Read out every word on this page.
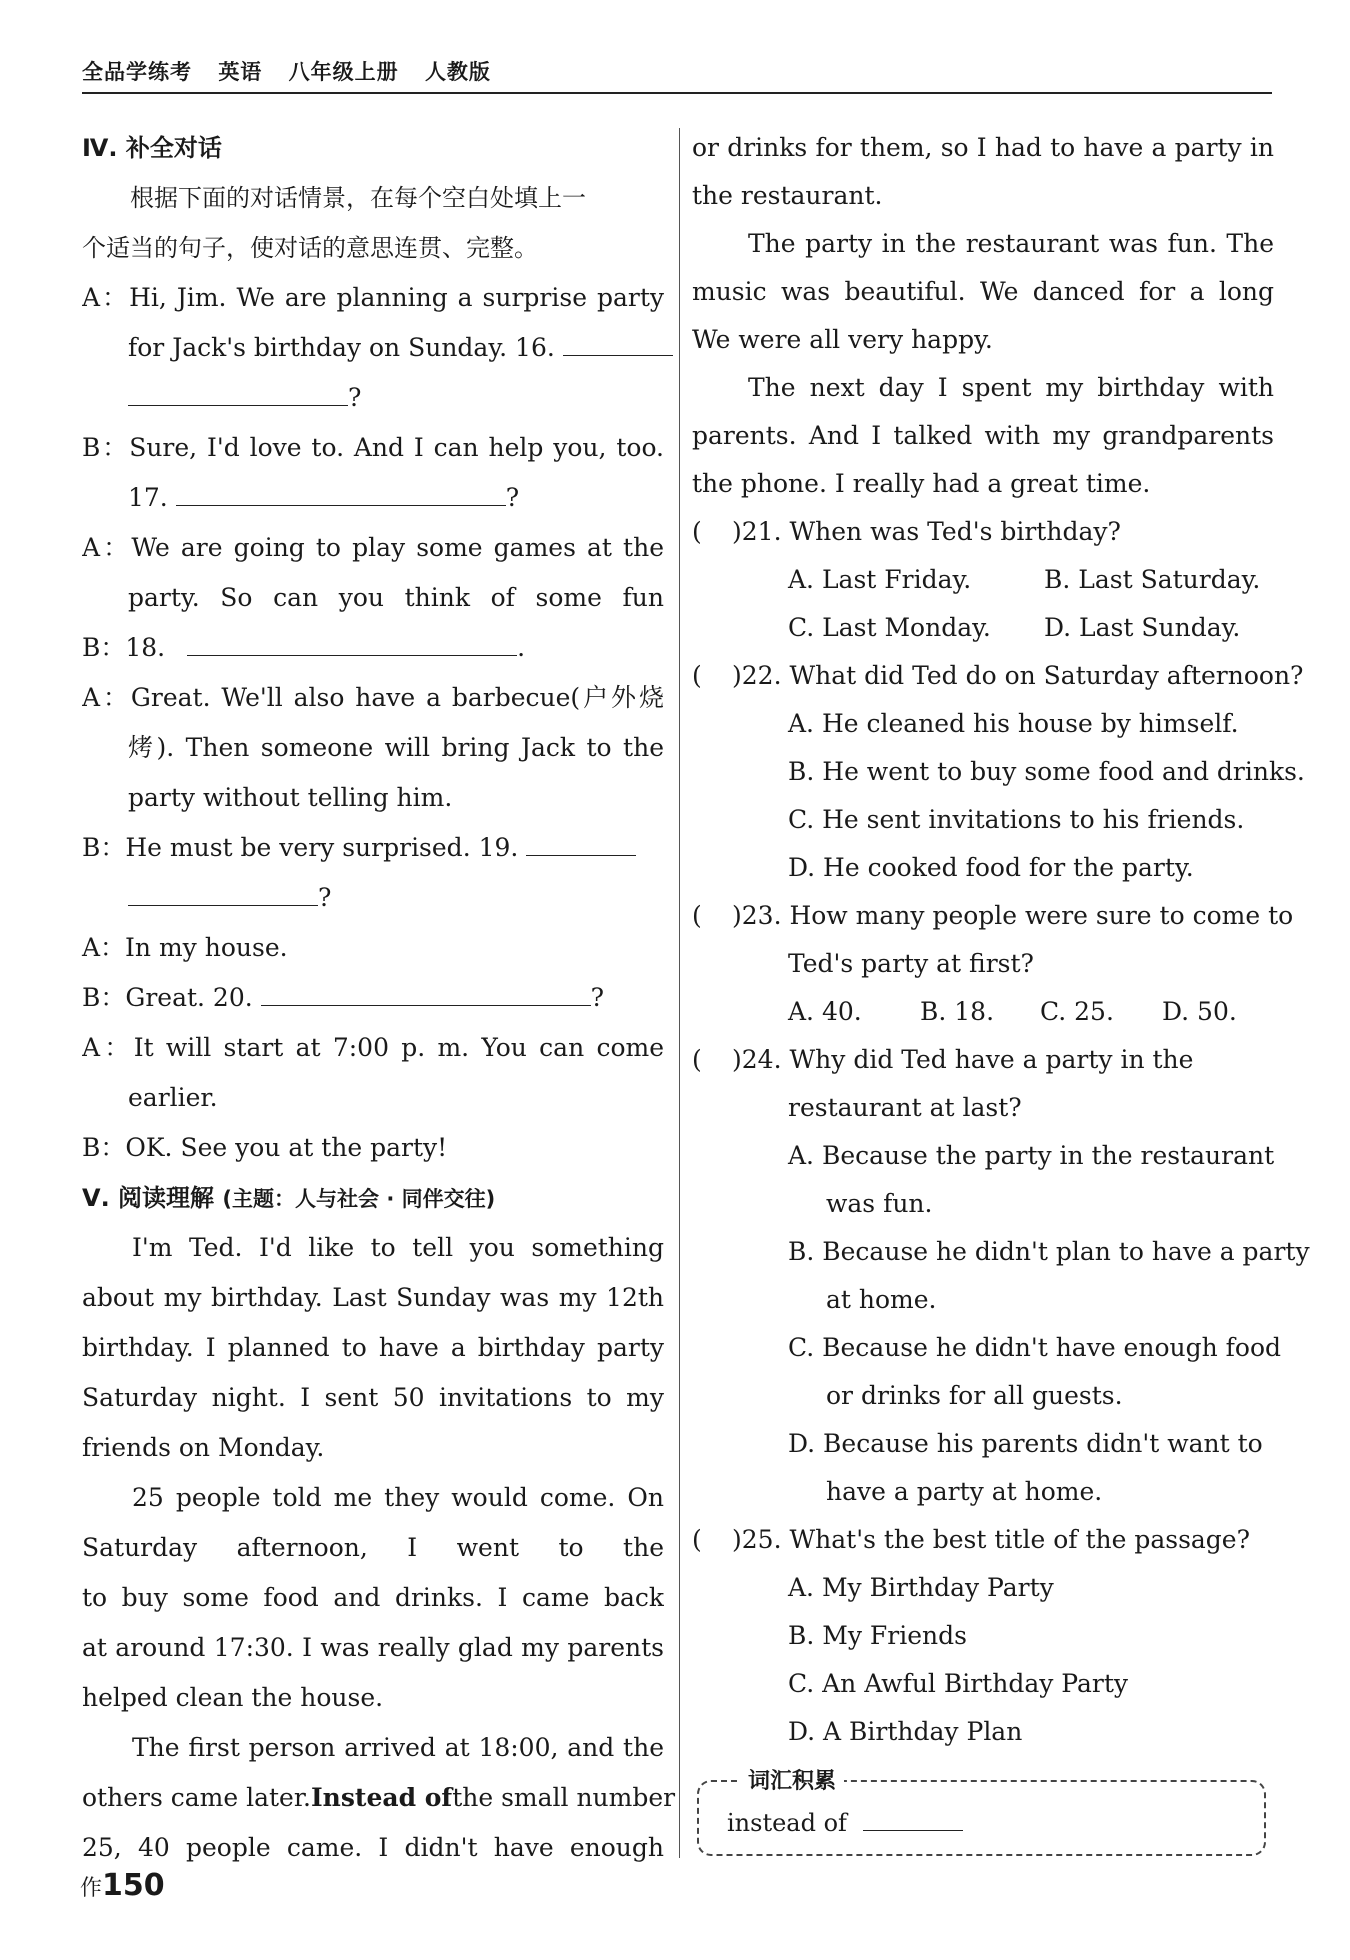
全品学练考 英语 八年级上册 人教版
Ⅳ. 补全对话
根据下面的对话情景，在每个空白处填上一
个适当的句子，使对话的意思连贯、完整。
A：Hi, Jim. We are planning a surprise party
for Jack's birthday on Sunday. 16.
?
B：Sure, I'd love to. And I can help you, too.
17.	?
A：We are going to play some games at the
party. So can you think of some fun
B：18.	.
A：Great. We'll also have a barbecue(户外烧
烤). Then someone will bring Jack to the
party without telling him.
B：He must be very surprised. 19.
?
A：In my house.
B：Great. 20.	?
A：It will start at 7:00 p. m. You can come
earlier.
B：OK. See you at the party!
Ⅴ. 阅读理解 (主题：人与社会 · 同伴交往)
I'm Ted. I'd like to tell you something
about my birthday. Last Sunday was my 12th
birthday. I planned to have a birthday party
Saturday night. I sent 50 invitations to my
friends on Monday.
25 people told me they would come. On
Saturday afternoon, I went to the
to buy some food and drinks. I came back
at around 17:30. I was really glad my parents
helped clean the house.
The first person arrived at 18:00, and the
others came later. Instead of the small number
25, 40 people came. I didn't have enough
or drinks for them, so I had to have a party in
the restaurant.
The party in the restaurant was fun. The
music was beautiful. We danced for a long
We were all very happy.
The next day I spent my birthday with
parents. And I talked with my grandparents
the phone. I really had a great time.
( )21. When was Ted's birthday?
A. Last Friday.	B. Last Saturday.
C. Last Monday. D. Last Sunday.
( )22. What did Ted do on Saturday afternoon?
A. He cleaned his house by himself.
B. He went to buy some food and drinks.
C. He sent invitations to his friends.
D. He cooked food for the party.
( )23. How many people were sure to come to
Ted's party at first?
A. 40. B. 18. C. 25. D. 50.
( )24. Why did Ted have a party in the
restaurant at last?
A. Because the party in the restaurant
was fun.
B. Because he didn't plan to have a party
at home.
C. Because he didn't have enough food
or drinks for all guests.
D. Because his parents didn't want to
have a party at home.
( )25. What's the best title of the passage?
A. My Birthday Party
B. My Friends
C. An Awful Birthday Party
D. A Birthday Plan
词汇积累
instead of
作150
